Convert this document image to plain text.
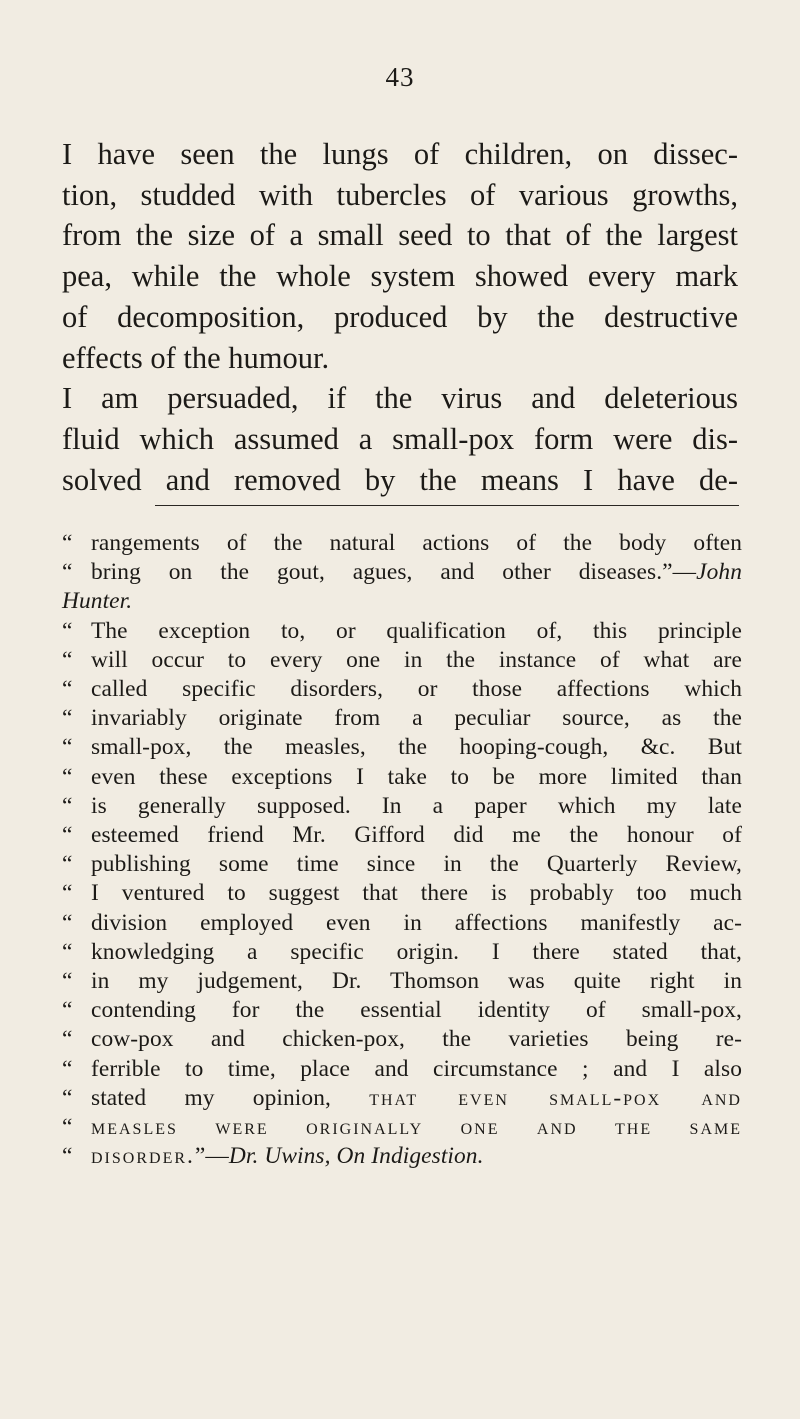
43
I have seen the lungs of children, on dissec-
tion, studded with tubercles of various growths,
from the size of a small seed to that of the largest
pea, while the whole system showed every mark
of decomposition, produced by the destructive
effects of the humour.
I am persuaded, if the virus and deleterious
fluid which assumed a small-pox form were dis-
solved and removed by the means I have de-
“ rangements of the natural actions of the body often
“ bring on the gout, agues, and other diseases.”—John
Hunter.
“ The exception to, or qualification of, this principle
“ will occur to every one in the instance of what are
“ called specific disorders, or those affections which
“ invariably originate from a peculiar source, as the
“ small-pox, the measles, the hooping-cough, &c. But
“ even these exceptions I take to be more limited than
“ is generally supposed. In a paper which my late
“ esteemed friend Mr. Gifford did me the honour of
“ publishing some time since in the Quarterly Review,
“ I ventured to suggest that there is probably too much
“ division employed even in affections manifestly ac-
“ knowledging a specific origin. I there stated that,
“ in my judgement, Dr. Thomson was quite right in
“ contending for the essential identity of small-pox,
“ cow-pox and chicken-pox, the varieties being re-
“ ferrible to time, place and circumstance ; and I also
“ stated my opinion, that even small-pox and
“ measles were originally one and the same
“ disorder.”—Dr. Uwins, On Indigestion.
